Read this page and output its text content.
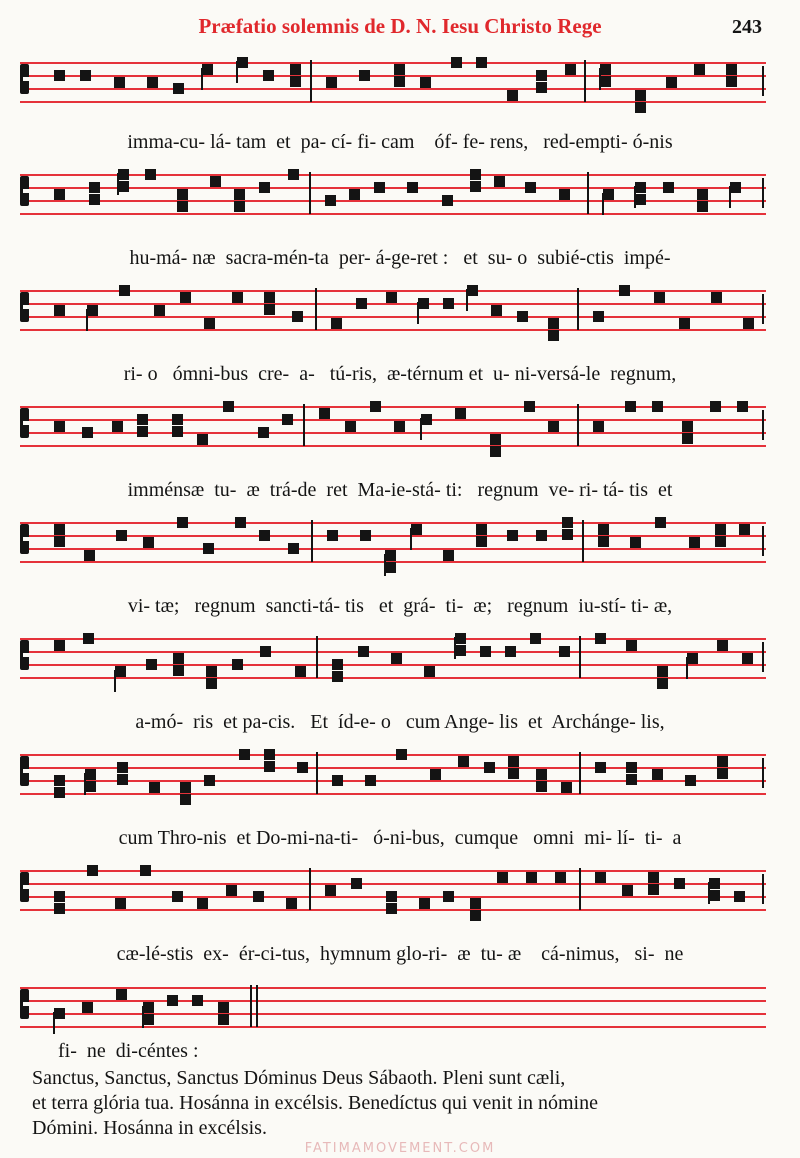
Præfatio solemnis de D. N. Iesu Christo Rege	243
imma-cu- lá- tam  et  pa- cí- fi- cam    óf- fe- rens,   red-empti- ó-nis
hu-má- næ  sacra-mén-ta  per- á-ge-ret :   et  su- o  subié-ctis  impé-
ri- o   ómni-bus  cre-  a-   tú-ris,  æ-térnum et  u- ni-versá-le  regnum,
imménsæ  tu-  æ  trá-de  ret  Ma-ie-stá- ti:   regnum  ve- ri- tá- tis  et
vi- tæ;   regnum  sancti-tá- tis   et  grá-  ti-  æ;   regnum  iu-stí- ti- æ,
a-mó-  ris  et pa-cis.   Et  íd-e- o   cum Ange- lis  et  Archánge- lis,
cum Thro-nis  et Do-mi-na-ti-   ó-ni-bus,  cumque   omni  mi- lí-  ti-  a
cæ-lé-stis  ex-  ér-ci-tus,  hymnum glo-ri-  æ  tu- æ    cá-nimus,   si-  ne
fi-  ne  di-céntes :
Sanctus, Sanctus, Sanctus Dóminus Deus Sábaoth. Pleni sunt cæli,
et terra glória tua. Hosánna in excélsis. Benedíctus qui venit in nómine
Dómini. Hosánna in excélsis.
FATIMAMOVEMENT.COM
